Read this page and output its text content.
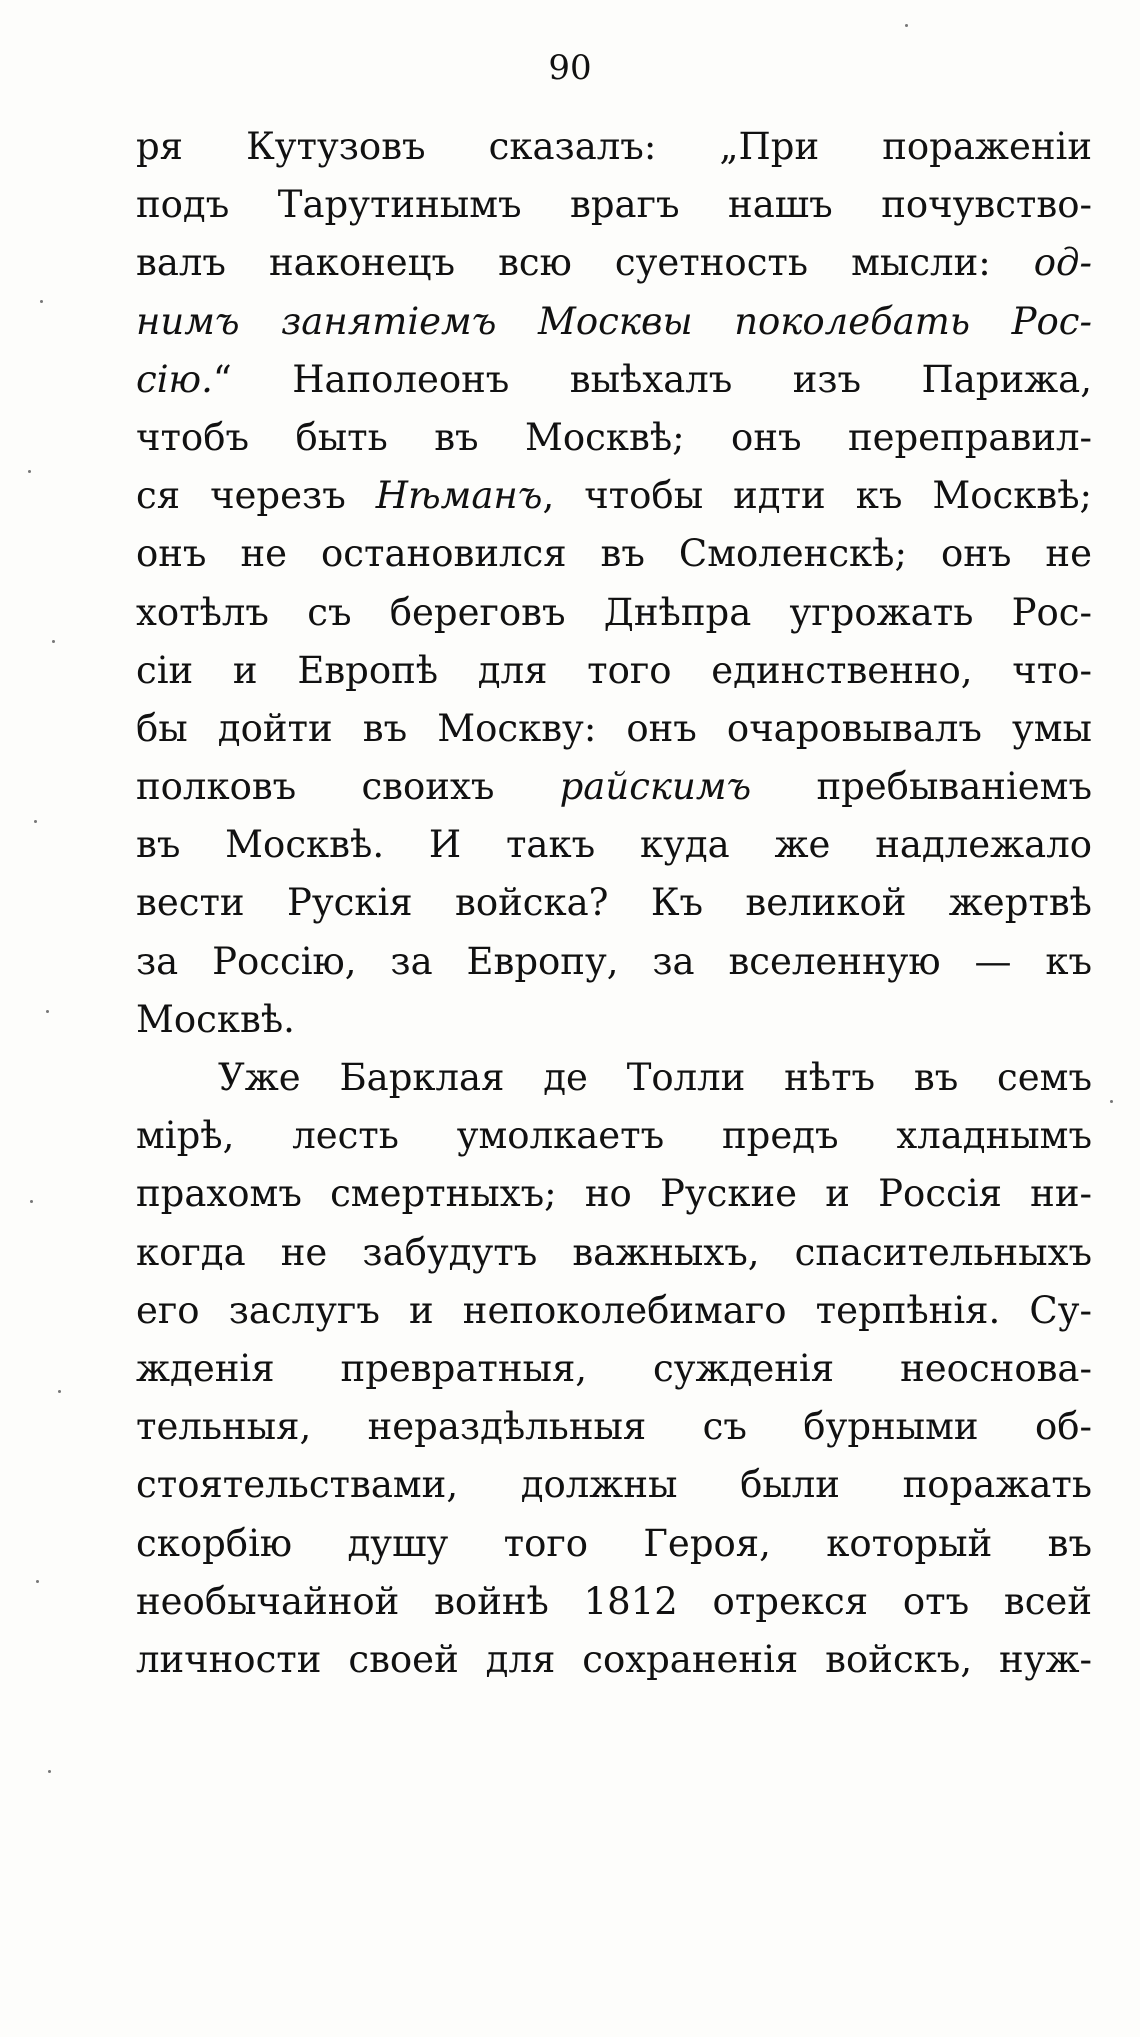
90
ря Кутузовъ сказалъ: „При пораженіи
подъ Тарутинымъ врагъ нашъ почувство-
валъ наконецъ всю суетность мысли: од-
нимъ занятіемъ Москвы поколебать Рос-
сію.“ Наполеонъ выѣхалъ изъ Парижа,
чтобъ быть въ Москвѣ; онъ переправил-
ся черезъ Нѣманъ, чтобы идти къ Москвѣ;
онъ не остановился въ Смоленскѣ; онъ не
хотѣлъ съ береговъ Днѣпра угрожать Рос-
сіи и Европѣ для того единственно, что-
бы дойти въ Москву: онъ очаровывалъ умы
полковъ своихъ райскимъ пребываніемъ
въ Москвѣ. И такъ куда же надлежало
вести Рускія войска? Къ великой жертвѣ
за Россію, за Европу, за вселенную — къ
Москвѣ.
Уже Барклая де Толли нѣтъ въ семъ
мірѣ, лесть умолкаетъ предъ хладнымъ
прахомъ смертныхъ; но Руские и Россія ни-
когда не забудутъ важныхъ, спасительныхъ
его заслугъ и непоколебимаго терпѣнія. Су-
жденія превратныя, сужденія неоснова-
тельныя, нераздѣльныя съ бурными об-
стоятельствами, должны были поражать
скорбію душу того Героя, который въ
необычайной войнѣ 1812 отрекся отъ всей
личности своей для сохраненія войскъ, нуж-
